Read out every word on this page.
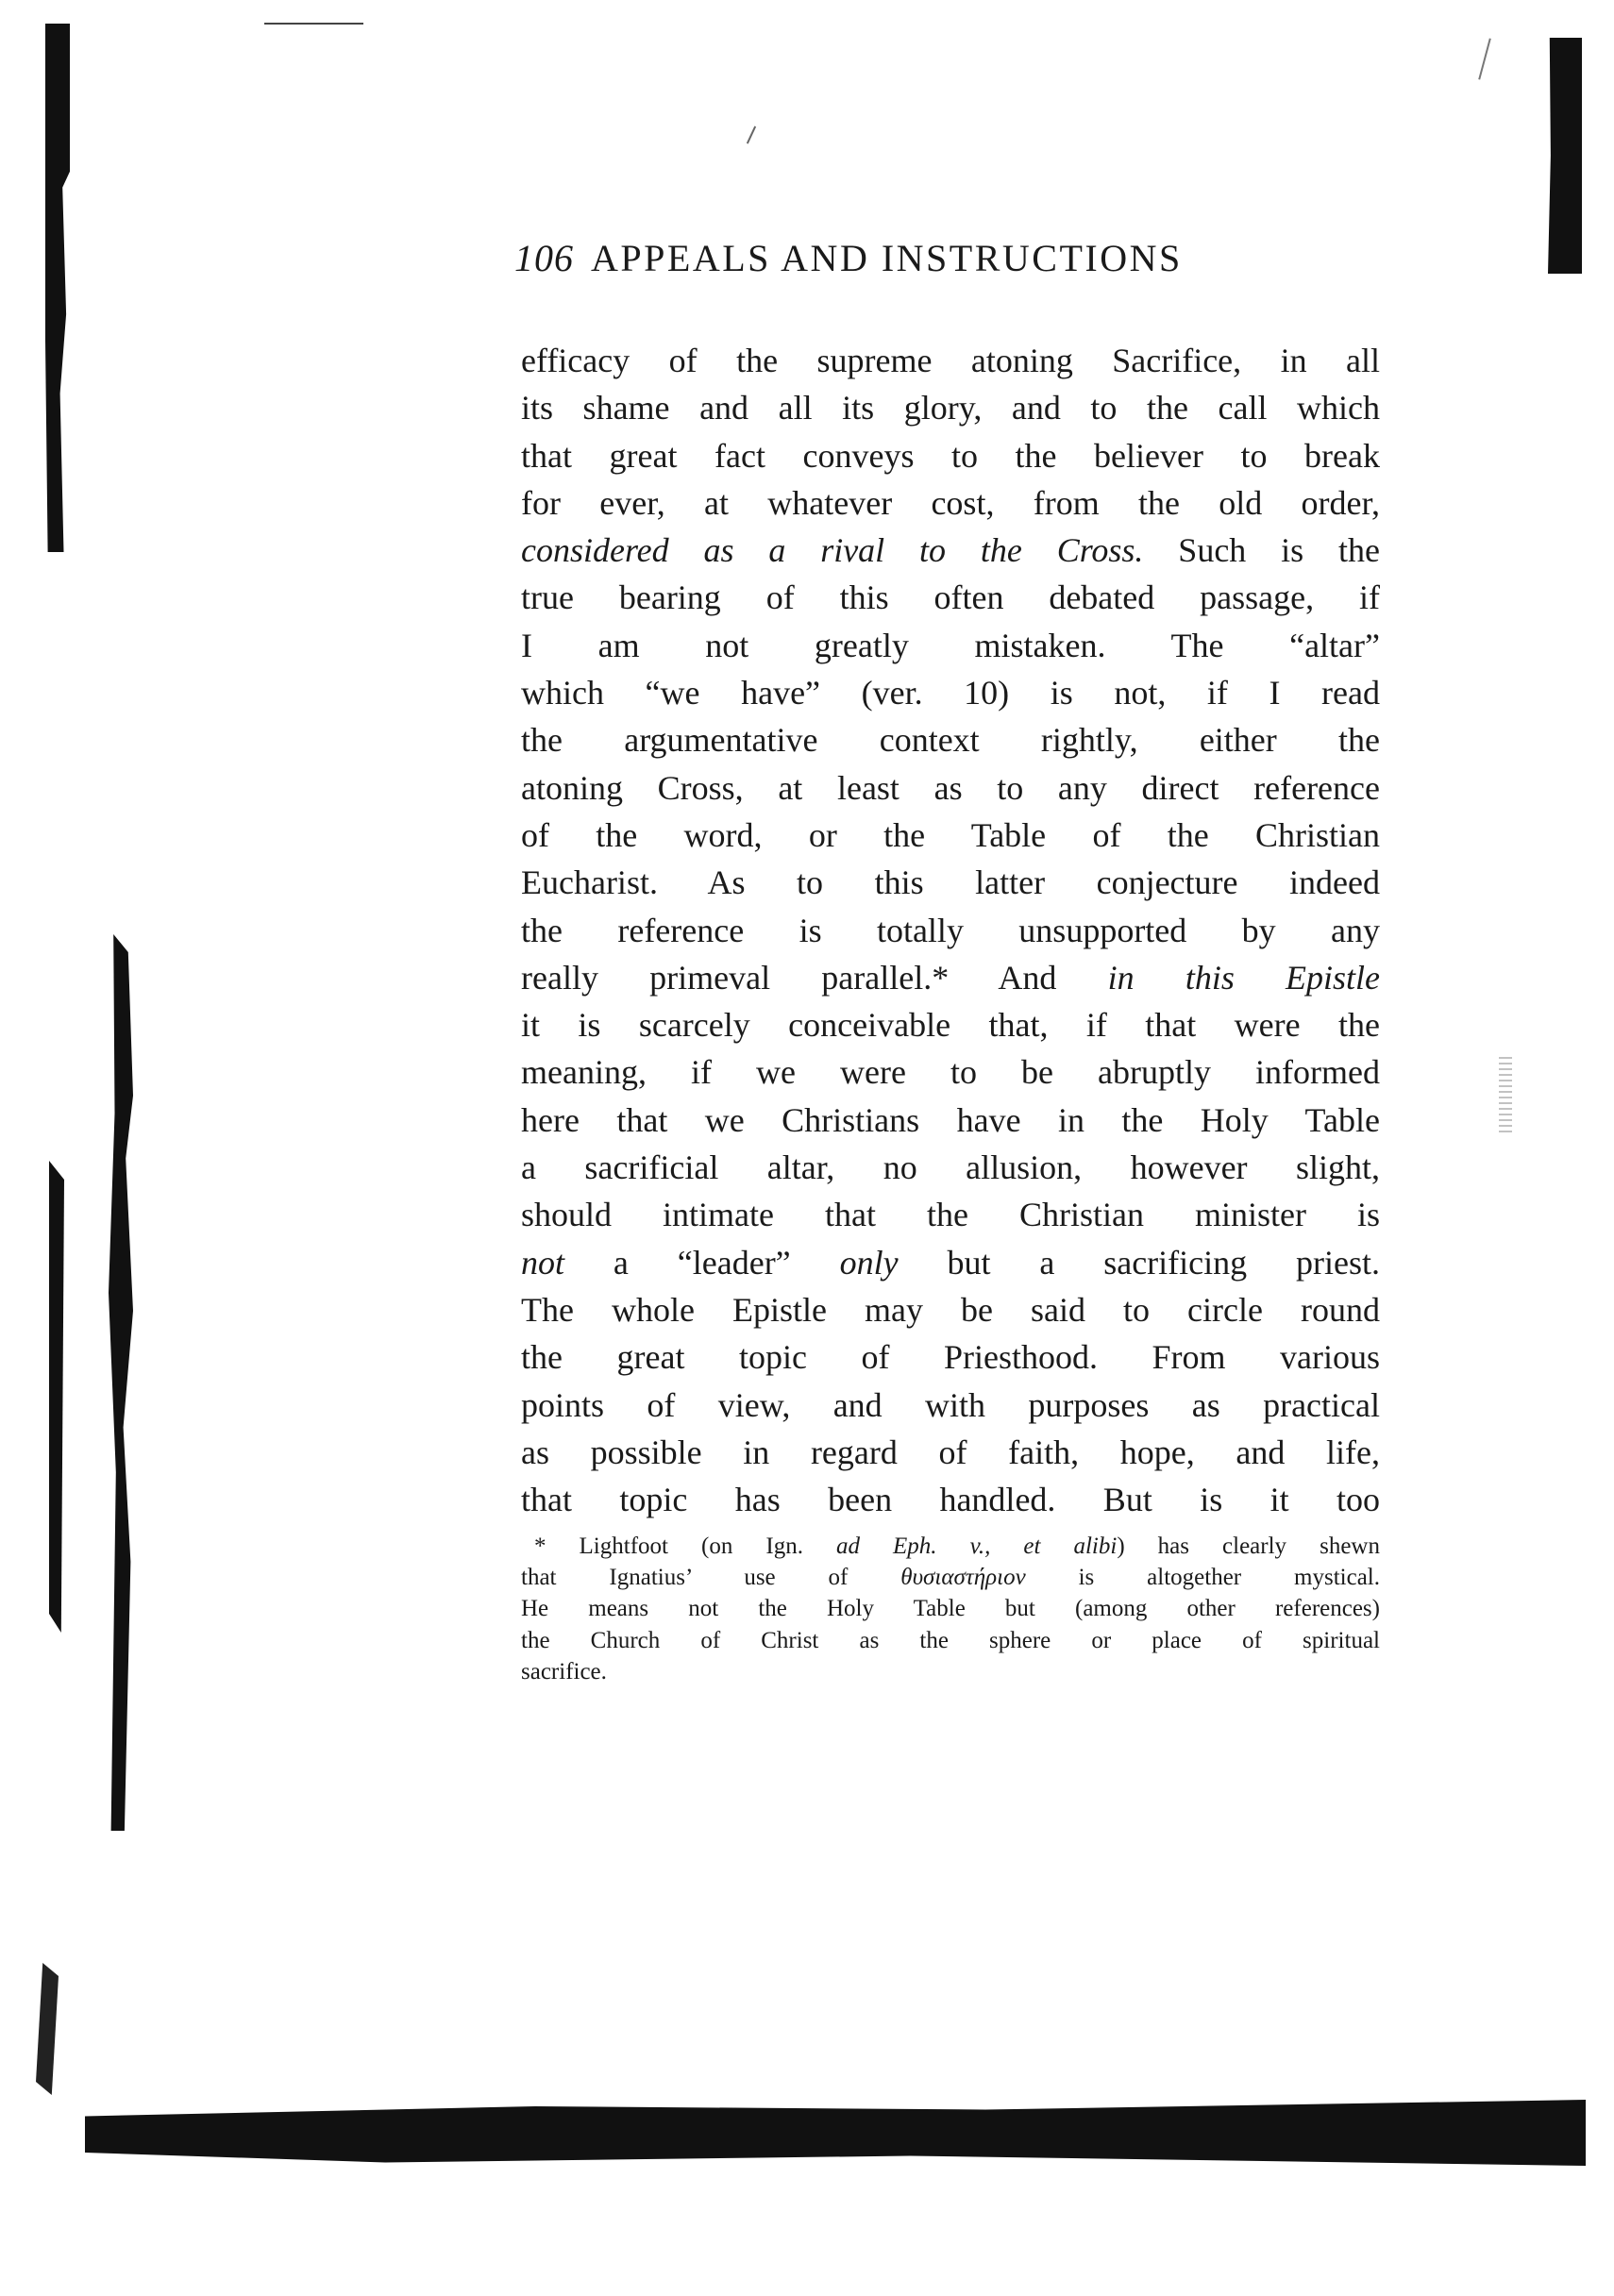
106 APPEALS AND INSTRUCTIONS
efficacy of the supreme atoning Sacrifice, in all
its shame and all its glory, and to the call which
that great fact conveys to the believer to break
for ever, at whatever cost, from the old order,
considered as a rival to the Cross. Such is the
true bearing of this often debated passage, if
I am not greatly mistaken. The “altar”
which “we have” (ver. 10) is not, if I read
the argumentative context rightly, either the
atoning Cross, at least as to any direct reference
of the word, or the Table of the Christian
Eucharist. As to this latter conjecture indeed
the reference is totally unsupported by any
really primeval parallel.* And in this Epistle
it is scarcely conceivable that, if that were the
meaning, if we were to be abruptly informed
here that we Christians have in the Holy Table
a sacrificial altar, no allusion, however slight,
should intimate that the Christian minister is
not a “leader” only but a sacrificing priest.
The whole Epistle may be said to circle round
the great topic of Priesthood. From various
points of view, and with purposes as practical
as possible in regard of faith, hope, and life,
that topic has been handled. But is it too
* Lightfoot (on Ign. ad Eph. v., et alibi) has clearly shewn
that Ignatius’ use of θυσιαστήριον is altogether mystical.
He means not the Holy Table but (among other references)
the Church of Christ as the sphere or place of spiritual
sacrifice.
